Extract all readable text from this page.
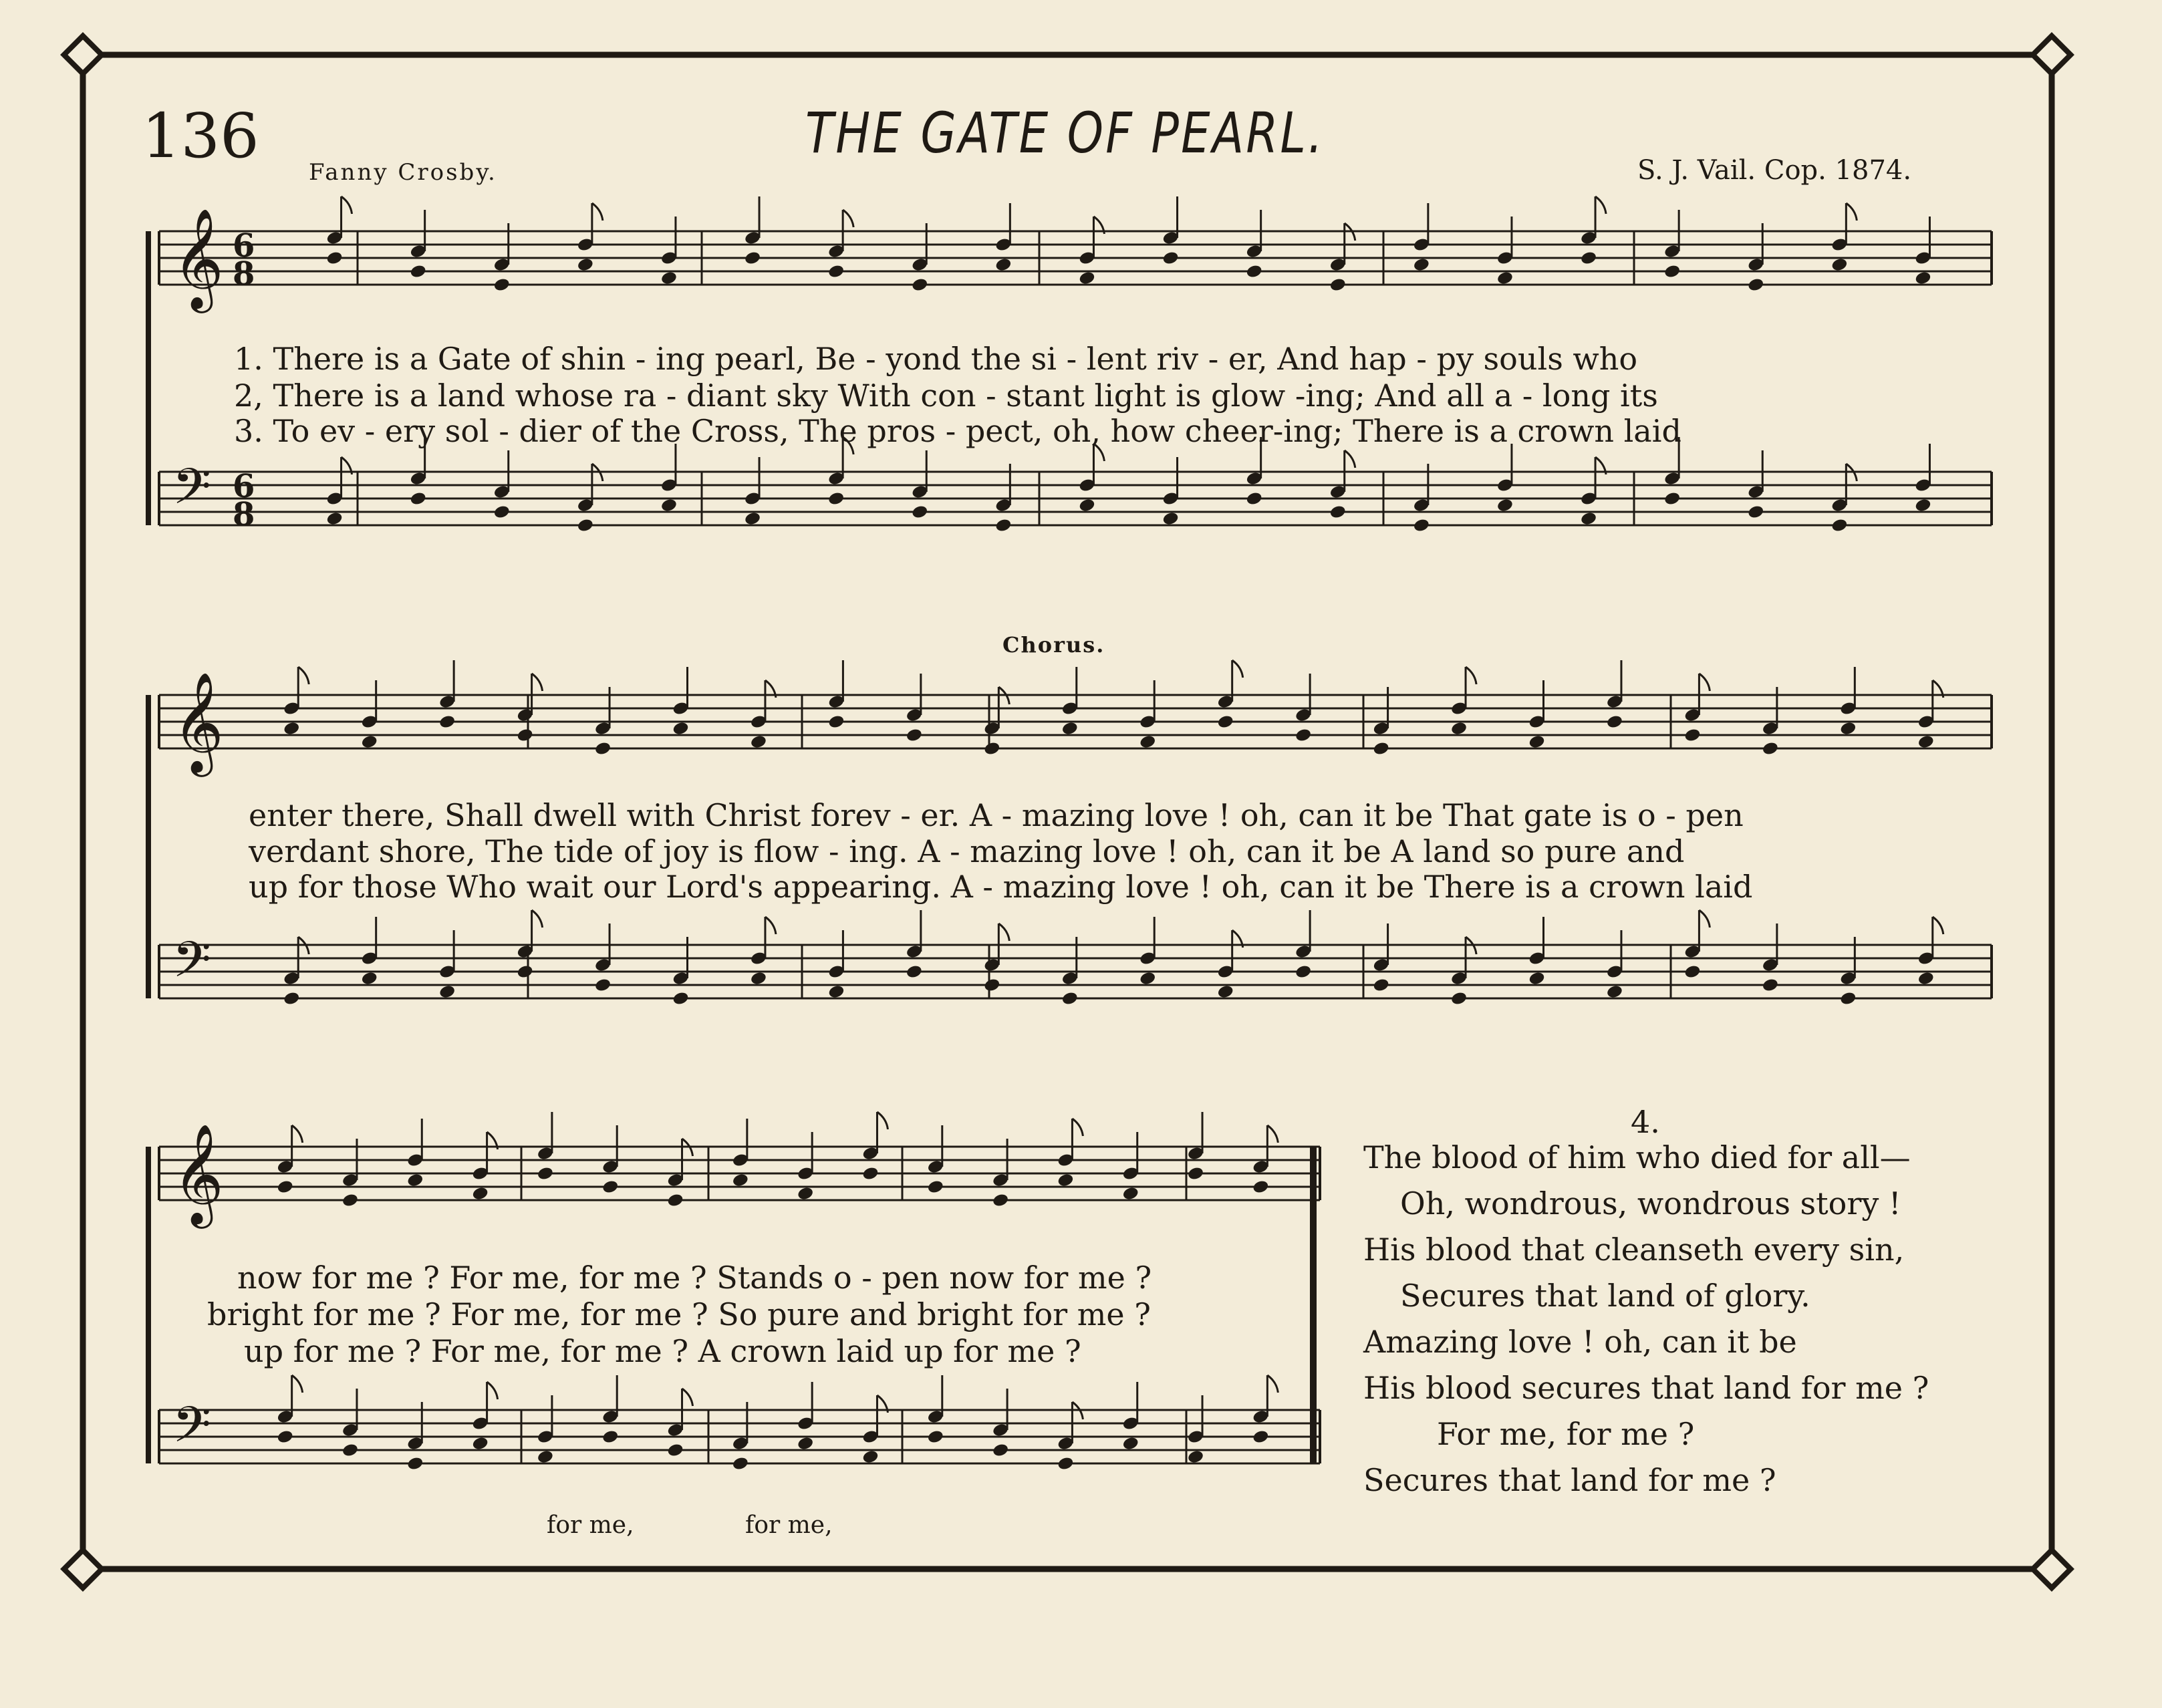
𝄞 6
8
𝄢 6
8
𝄞
𝄢
𝄞
𝄢
136	THE GATE OF PEARL.
Fanny Crosby.	S. J. Vail. Cop. 1874.
Chorus.
1. There is a Gate of shin - ing pearl, Be - yond the si - lent riv - er, And hap - py souls who
2, There is a land whose ra - diant sky With con - stant light is glow -ing; And all a - long its
3. To ev - ery sol - dier of the Cross, The pros - pect, oh, how cheer-ing; There is a crown laid
enter there, Shall dwell with Christ forev - er. A - mazing love ! oh, can it be That gate is o - pen
verdant shore, The tide of joy is flow - ing. A - mazing love ! oh, can it be A land so pure and
up for those Who wait our Lord's appearing. A - mazing love ! oh, can it be There is a crown laid
now for me ? For me, for me ? Stands o - pen now for me ?
bright for me ? For me, for me ? So pure and bright for me ?
up for me ? For me, for me ? A crown laid up for me ?
for me,	for me,
4.
The blood of him who died for all—
Oh, wondrous, wondrous story !
His blood that cleanseth every sin,
Secures that land of glory.
Amazing love ! oh, can it be
His blood secures that land for me ?
For me, for me ?
Secures that land for me ?
